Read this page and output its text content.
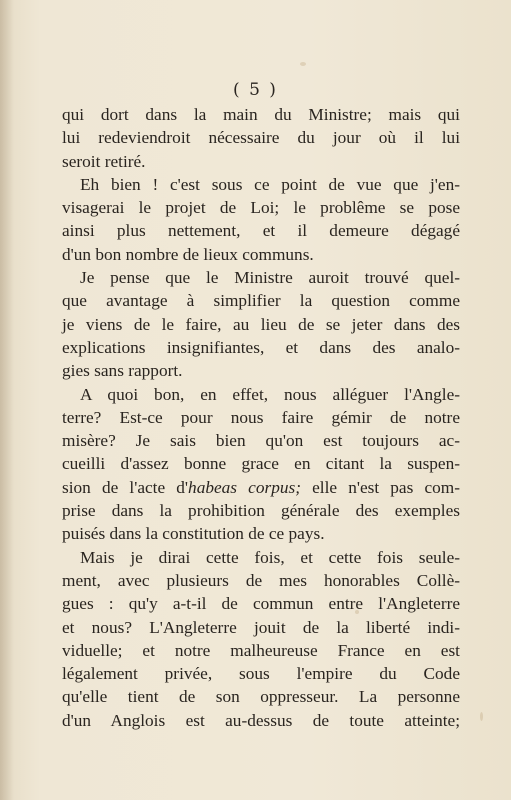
( 5 )
qui dort dans la main du Ministre; mais qui
lui redeviendroit nécessaire du jour où il lui
seroit retiré.
Eh bien ! c'est sous ce point de vue que j'en-
visagerai le projet de Loi; le problême se pose
ainsi plus nettement, et il demeure dégagé
d'un bon nombre de lieux communs.
Je pense que le Ministre auroit trouvé quel-
que avantage à simplifier la question comme
je viens de le faire, au lieu de se jeter dans des
explications insignifiantes, et dans des analo-
gies sans rapport.
A quoi bon, en effet, nous alléguer l'Angle-
terre? Est-ce pour nous faire gémir de notre
misère? Je sais bien qu'on est toujours ac-
cueilli d'assez bonne grace en citant la suspen-
sion de l'acte d'habeas corpus; elle n'est pas com-
prise dans la prohibition générale des exemples
puisés dans la constitution de ce pays.
Mais je dirai cette fois, et cette fois seule-
ment, avec plusieurs de mes honorables Collè-
gues : qu'y a-t-il de commun entre l'Angleterre
et nous? L'Angleterre jouit de la liberté indi-
viduelle; et notre malheureuse France en est
légalement privée, sous l'empire du Code
qu'elle tient de son oppresseur. La personne
d'un Anglois est au-dessus de toute atteinte;
